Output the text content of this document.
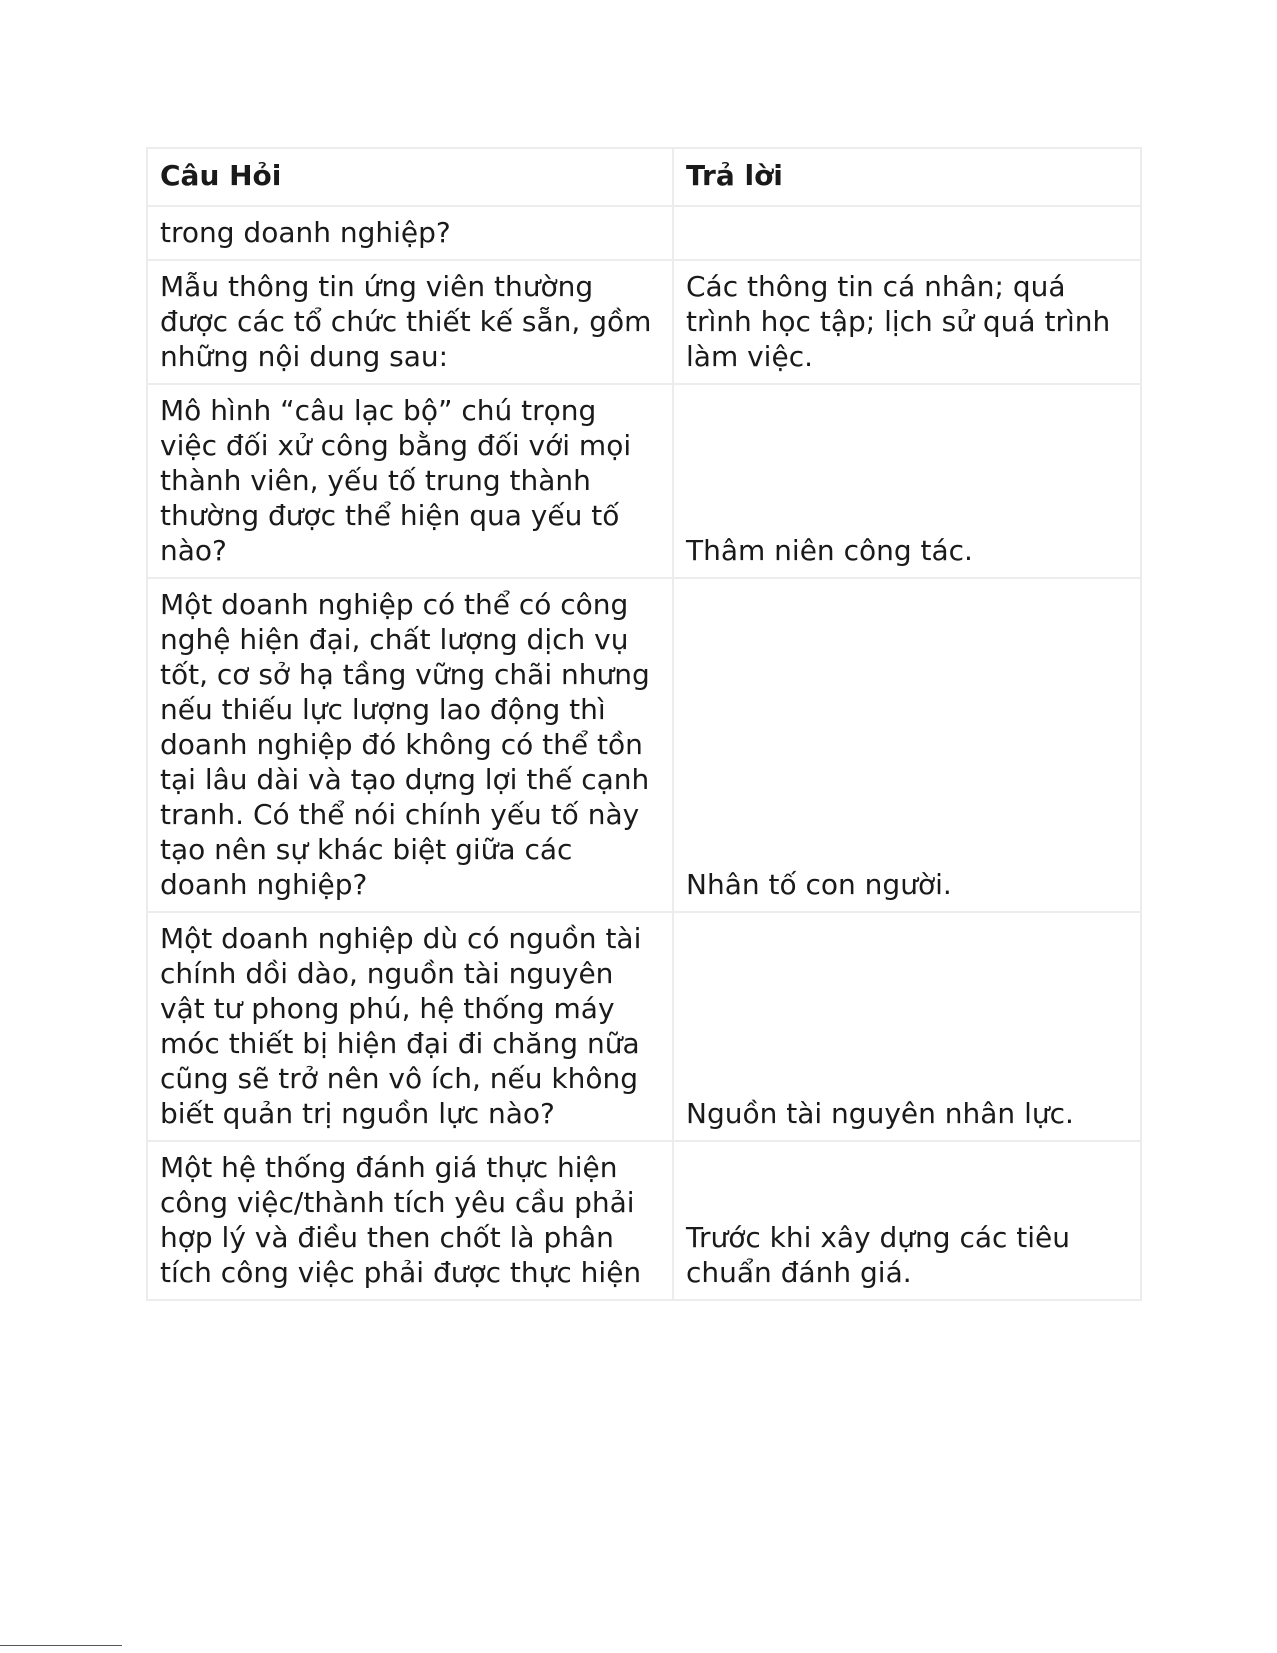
Câu Hỏi	Trả lời
trong doanh nghiệp?	
Mẫu thông tin ứng viên thường được các tổ chức thiết kế sẵn, gồm những nội dung sau:	Các thông tin cá nhân; quá trình học tập; lịch sử quá trình làm việc.
Mô hình “câu lạc bộ” chú trọng việc đối xử công bằng đối với mọi thành viên, yếu tố trung thành thường được thể hiện qua yếu tố nào?	Thâm niên công tác.
Một doanh nghiệp có thể có công nghệ hiện đại, chất lượng dịch vụ tốt, cơ sở hạ tầng vững chãi nhưng nếu thiếu lực lượng lao động thì doanh nghiệp đó không có thể tồn tại lâu dài và tạo dựng lợi thế cạnh tranh. Có thể nói chính yếu tố này tạo nên sự khác biệt giữa các doanh nghiệp?	Nhân tố con người.
Một doanh nghiệp dù có nguồn tài chính dồi dào, nguồn tài nguyên vật tư phong phú, hệ thống máy móc thiết bị hiện đại đi chăng nữa cũng sẽ trở nên vô ích, nếu không biết quản trị nguồn lực nào?	Nguồn tài nguyên nhân lực.
Một hệ thống đánh giá thực hiện công việc/thành tích yêu cầu phải hợp lý và điều then chốt là phân tích công việc phải được thực hiện	Trước khi xây dựng các tiêu chuẩn đánh giá.
